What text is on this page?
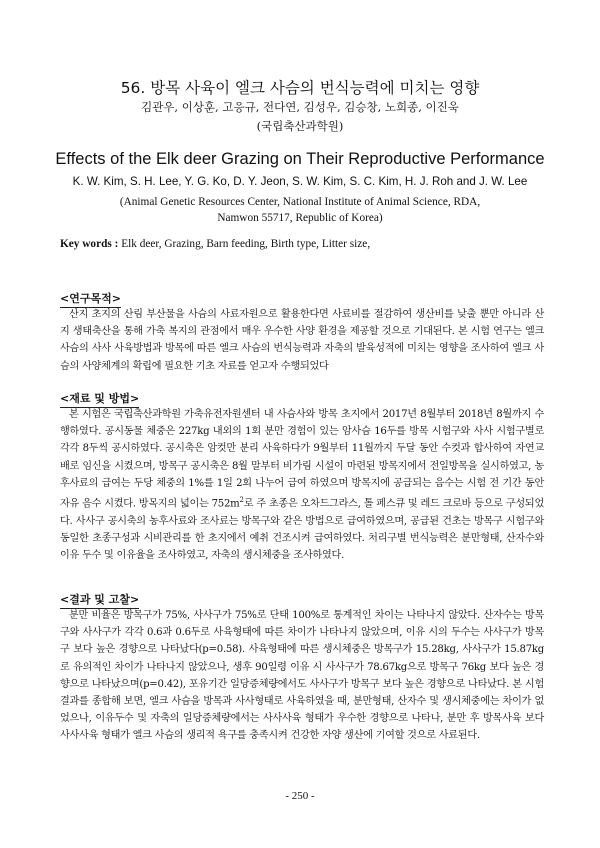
56. 방목 사육이 엘크 사슴의 번식능력에 미치는 영향
김관우, 이상훈, 고응규, 전다연, 김성우, 김승창, 노희종, 이진욱
(국립축산과학원)
Effects of the Elk deer Grazing on Their Reproductive Performance
K. W. Kim, S. H. Lee, Y. G. Ko, D. Y. Jeon, S. W. Kim, S. C. Kim, H. J. Roh and J. W. Lee
(Animal Genetic Resources Center, National Institute of Animal Science, RDA,
Namwon 55717, Republic of Korea)
Key words : Elk deer, Grazing, Barn feeding, Birth type, Litter size,
<연구목적>
산지 초지의 산림 부산물을 사슴의 사료자원으로 활용한다면 사료비를 절감하여 생산비를 낮출 뿐만 아니라 산지 생태축산을 통해 가축 복지의 관점에서 매우 우수한 사양 환경을 제공할 것으로 기대된다. 본 시험 연구는 엘크 사슴의 사사 사육방법과 방목에 따른 엘크 사슴의 번식능력과 자축의 발육성적에 미치는 영향을 조사하여 엘크 사슴의 사양체계의 확립에 필요한 기초 자료를 얻고자 수행되었다
<재료 및 방법>
본 시험은 국립축산과학원 가축유전자원센터 내 사슴사와 방목 초지에서 2017년 8월부터 2018년 8월까지 수행하였다. 공시동물 체중은 227kg 내외의 1회 분만 경험이 있는 암사슴 16두를 방목 시험구와 사사 시험구별로 각각 8두씩 공시하였다. 공시축은 암컷만 분리 사육하다가 9월부터 11월까지 두달 동안 수컷과 합사하여 자연교배로 임신을 시켰으며, 방목구 공시축은 8월 말부터 비가림 시설이 마련된 방목지에서 전일방목을 실시하였고, 농후사료의 급여는 두당 체중의 1%를 1일 2회 나누어 급여 하였으며 방목지에 공급되는 음수는 시험 전 기간 동안 자유 음수 시켰다. 방목지의 넓이는 $752m^2$로 주 초종은 오차드그라스, 톨 페스큐 및 레드 크로바 등으로 구성되었다. 사사구 공시축의 농후사료와 조사료는 방목구와 같은 방법으로 급여하였으며, 공급된 건초는 방목구 시험구와 동일한 초종구성과 시비관리를 한 초지에서 예취 건조시켜 급여하였다. 처리구별 번식능력은 분만형태, 산자수와 이유 두수 및 이유율을 조사하였고, 자축의 생시체중을 조사하였다.
<결과 및 고찰>
분만 비율은 방목구가 75%, 사사구가 75%로 단태 100%로 통계적인 차이는 나타나지 않았다. 산자수는 방목구와 사사구가 각각 0.6과 0.6두로 사육형태에 따른 차이가 나타나지 않았으며, 이유 시의 두수는 사사구가 방목구 보다 높은 경향으로 나타났다(p=0.58). 사육형태에 따른 생시체중은 방목구가 15.28kg, 사사구가 15.87kg로 유의적인 차이가 나타나지 않았으나, 생후 90일령 이유 시 사사구가 78.67kg으로 방목구 76kg 보다 높은 경향으로 나타났으며(p=0.42), 포유기간 일당증체량에서도 사사구가 방목구 보다 높은 경향으로 나타났다. 본 시험 결과를 종합해 보면, 엘크 사슴을 방목과 사사형태로 사육하였을 때, 분만형태, 산자수 및 생시체중에는 차이가 없었으나, 이유두수 및 자축의 일당증체량에서는 사사사육 형태가 우수한 경향으로 나타나, 분만 후 방목사육 보다 사사사육 형태가 엘크 사슴의 생리적 욕구를 충족시켜 건강한 자양 생산에 기여할 것으로 사료된다.
- 250 -
